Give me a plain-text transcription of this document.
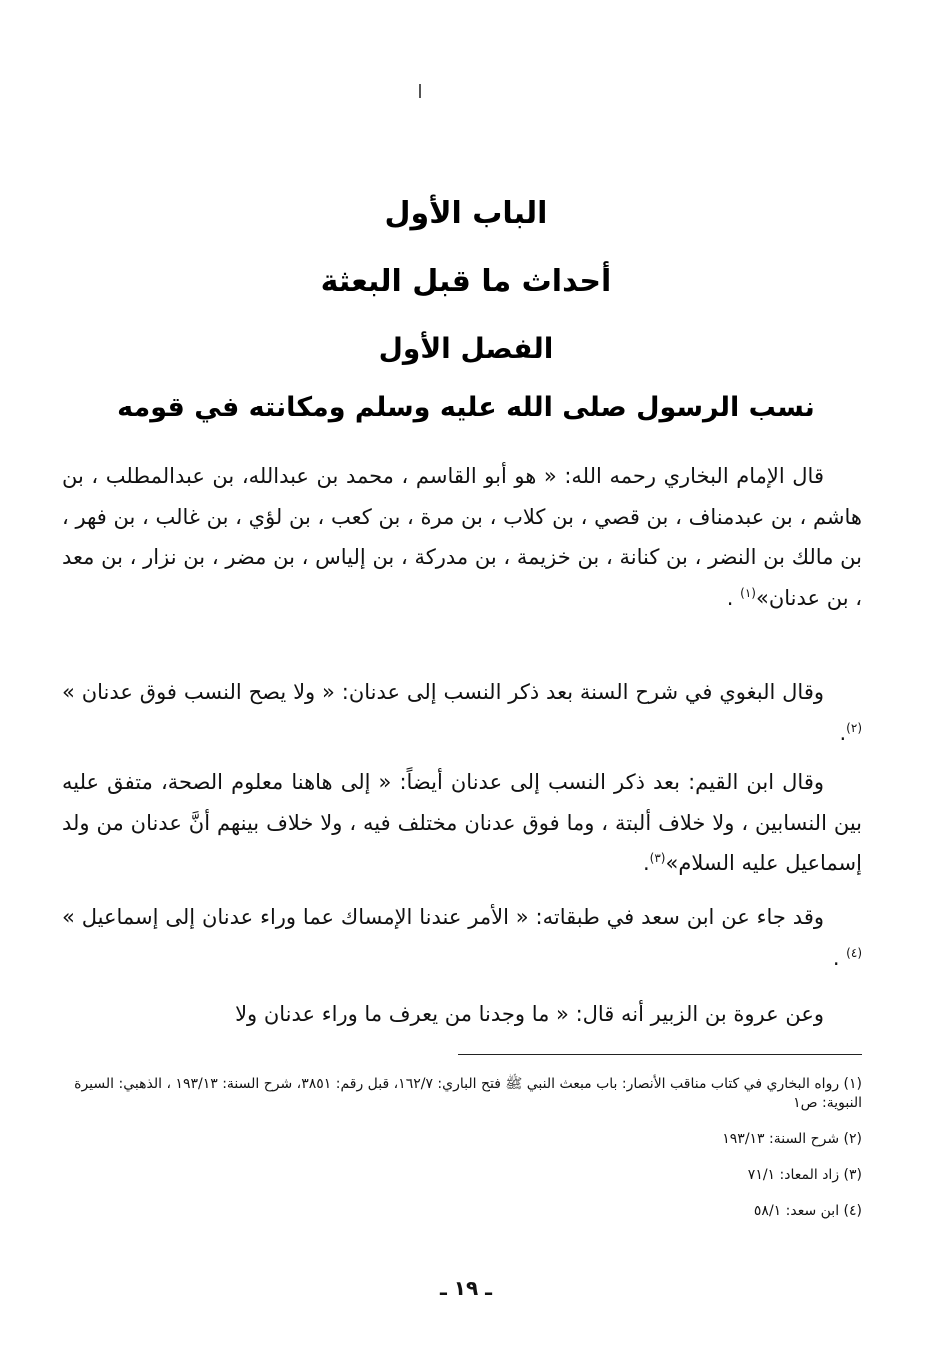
الباب الأول
أحداث ما قبل البعثة
الفصل الأول
نسب الرسول صلى الله عليه وسلم ومكانته في قومه

قال الإمام البخاري رحمه الله: « هو أبو القاسم ، محمد بن عبدالله، بن عبدالمطلب ، بن هاشم ، بن عبدمناف ، بن قصي ، بن كلاب ، بن مرة ، بن كعب ، بن لؤي ، بن غالب ، بن فهر ، بن مالك بن النضر ، بن كنانة ، بن خزيمة ، بن مدركة ، بن إلياس ، بن مضر ، بن نزار ، بن معد ، بن عدنان»$^{(١)}$ .

وقال البغوي في شرح السنة بعد ذكر النسب إلى عدنان: « ولا يصح النسب فوق عدنان » $^{(٢)}$.

وقال ابن القيم: بعد ذكر النسب إلى عدنان أيضاً: « إلى هاهنا معلوم الصحة، متفق عليه بين النسابين ، ولا خلاف ألبتة ، وما فوق عدنان مختلف فيه ، ولا خلاف بينهم أنَّ عدنان من ولد إسماعيل عليه السلام»$^{(٣)}$.

وقد جاء عن ابن سعد في طبقاته: « الأمر عندنا الإمساك عما وراء عدنان إلى إسماعيل » $^{(٤)}$ .

وعن عروة بن الزبير أنه قال: « ما وجدنا من يعرف ما وراء عدنان ولا

(١) رواه البخاري في كتاب مناقب الأنصار: باب مبعث النبي ﷺ فتح الباري: ١٦٢/٧، قبل رقم: ٣٨٥١، شرح السنة: ١٩٣/١٣ ، الذهبي: السيرة النبوية: ص١
(٢) شرح السنة: ١٩٣/١٣
(٣) زاد المعاد: ٧١/١
(٤) ابن سعد: ٥٨/١
ـ ١٩ ـ
